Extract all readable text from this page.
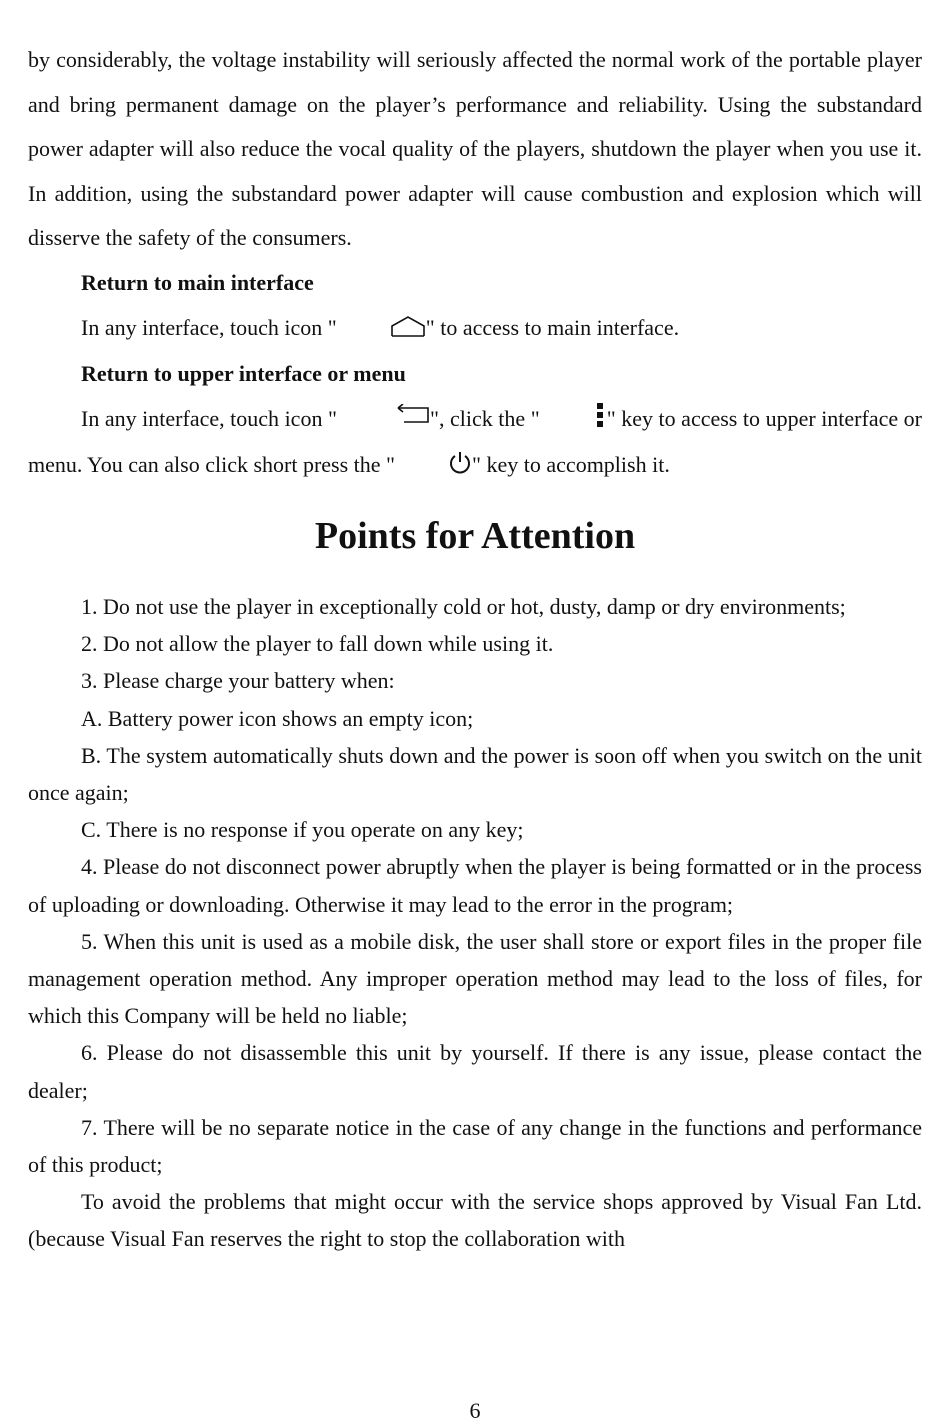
by considerably, the voltage instability will seriously affected the normal work of the portable player and bring permanent damage on the player’s performance and reliability. Using the substandard power adapter will also reduce the vocal quality of the players, shutdown the player when you use it. In addition, using the substandard power adapter will cause combustion and explosion which will disserve the safety of the consumers.

Return to main interface

In any interface, touch icon "	" to access to main interface.

Return to upper interface or menu

In any interface, touch icon "	", click the "	" key to access to upper interface or menu. You can also click short press the "	" key to accomplish it.

Points for Attention

1. Do not use the player in exceptionally cold or hot, dusty, damp or dry environments;

2. Do not allow the player to fall down while using it.

3. Please charge your battery when:

A. Battery power icon shows an empty icon;

B. The system automatically shuts down and the power is soon off when you switch on the unit once again;

C. There is no response if you operate on any key;

4. Please do not disconnect power abruptly when the player is being formatted or in the process of uploading or downloading. Otherwise it may lead to the error in the program;

5. When this unit is used as a mobile disk, the user shall store or export files in the proper file management operation method. Any improper operation method may lead to the loss of files, for which this Company will be held no liable;

6. Please do not disassemble this unit by yourself. If there is any issue, please contact the dealer;

7. There will be no separate notice in the case of any change in the functions and performance of this product;

To avoid the problems that might occur with the service shops approved by Visual Fan Ltd. (because Visual Fan reserves the right to stop the collaboration with

6
